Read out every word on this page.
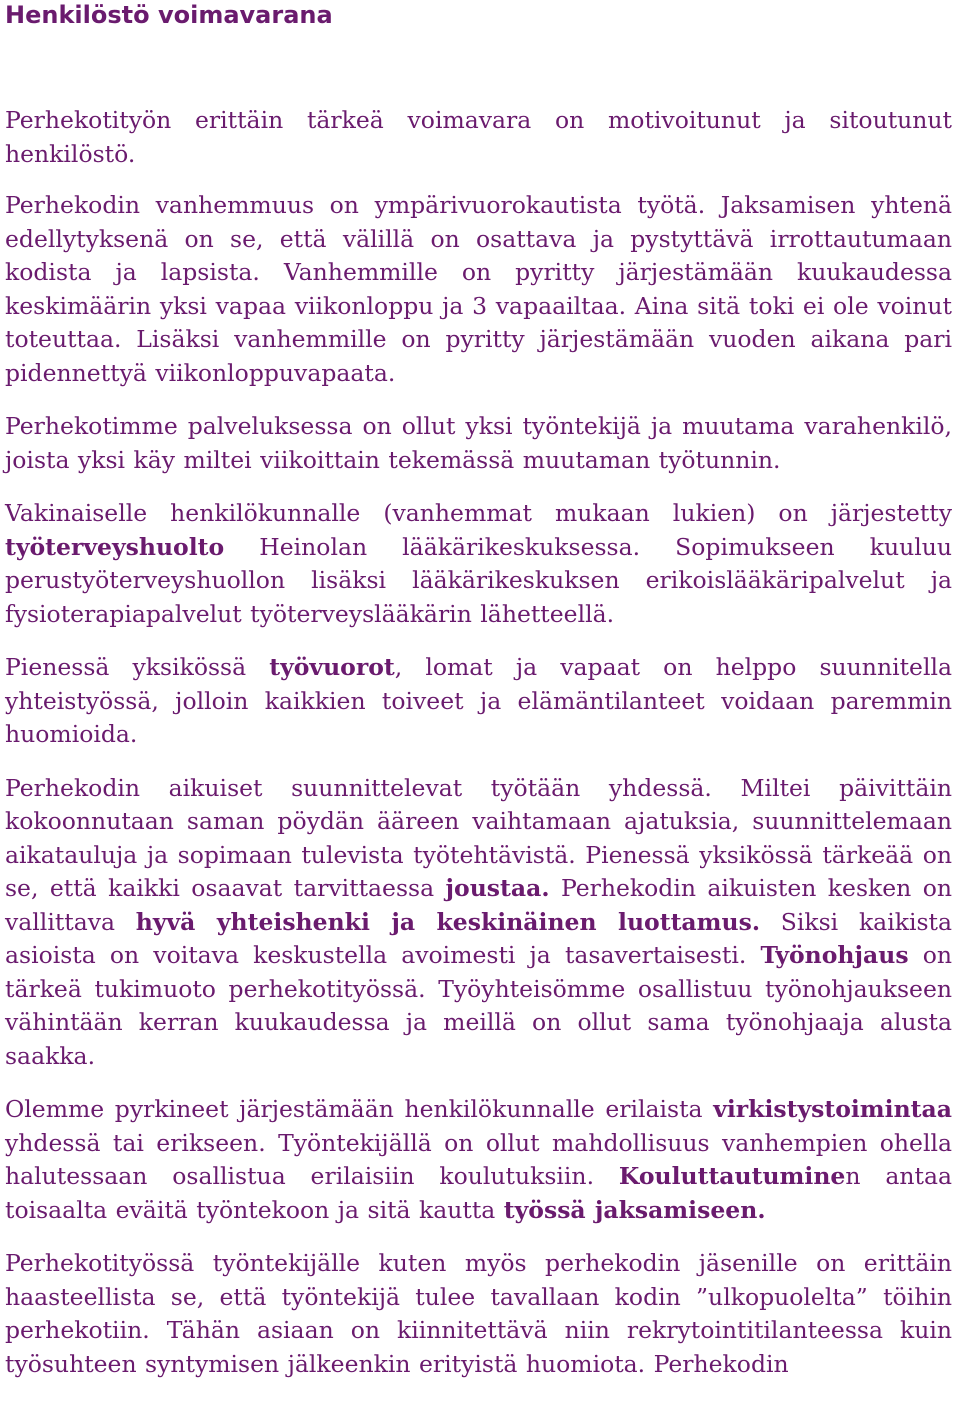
Henkilöstö voimavarana

Perhekotityön erittäin tärkeä voimavara on motivoitunut ja sitoutunut henkilöstö.

Perhekodin vanhemmuus on ympärivuorokautista työtä. Jaksamisen yhtenä edellytyksenä on se, että välillä on osattava ja pystyttävä irrottautumaan kodista ja lapsista. Vanhemmille on pyritty järjestämään kuukaudessa keskimäärin yksi vapaa viikonloppu ja 3 vapaailtaa. Aina sitä toki ei ole voinut toteuttaa. Lisäksi vanhemmille on pyritty järjestämään vuoden aikana pari pidennettyä viikonloppuvapaata.

Perhekotimme palveluksessa on ollut yksi työntekijä ja muutama varahenkilö, joista yksi käy miltei viikoittain tekemässä muutaman työtunnin.

Vakinaiselle henkilökunnalle (vanhemmat mukaan lukien) on järjestetty työterveyshuolto Heinolan lääkärikeskuksessa. Sopimukseen kuuluu perustyöterveyshuollon lisäksi lääkärikeskuksen erikoislääkäripalvelut ja fysioterapiapalvelut työterveyslääkärin lähetteellä.

Pienessä yksikössä työvuorot, lomat ja vapaat on helppo suunnitella yhteistyössä, jolloin kaikkien toiveet ja elämäntilanteet voidaan paremmin huomioida.

Perhekodin aikuiset suunnittelevat työtään yhdessä. Miltei päivittäin kokoonnutaan saman pöydän ääreen vaihtamaan ajatuksia, suunnittelemaan aikatauluja ja sopimaan tulevista työtehtävistä. Pienessä yksikössä tärkeää on se, että kaikki osaavat tarvittaessa joustaa. Perhekodin aikuisten kesken on vallittava hyvä yhteishenki ja keskinäinen luottamus. Siksi kaikista asioista on voitava keskustella avoimesti ja tasavertaisesti. Työnohjaus on tärkeä tukimuoto perhekotityössä. Työyhteisömme osallistuu työnohjaukseen vähintään kerran kuukaudessa ja meillä on ollut sama työnohjaaja alusta saakka.

Olemme pyrkineet järjestämään henkilökunnalle erilaista virkistystoimintaa yhdessä tai erikseen. Työntekijällä on ollut mahdollisuus vanhempien ohella halutessaan osallistua erilaisiin koulutuksiin. Kouluttautuminen antaa toisaalta eväitä työntekoon ja sitä kautta työssä jaksamiseen.

Perhekotityössä työntekijälle kuten myös perhekodin jäsenille on erittäin haasteellista se, että työntekijä tulee tavallaan kodin ”ulkopuolelta” töihin perhekotiin. Tähän asiaan on kiinnitettävä niin rekrytointitilanteessa kuin työsuhteen syntymisen jälkeenkin erityistä huomiota. Perhekodin
